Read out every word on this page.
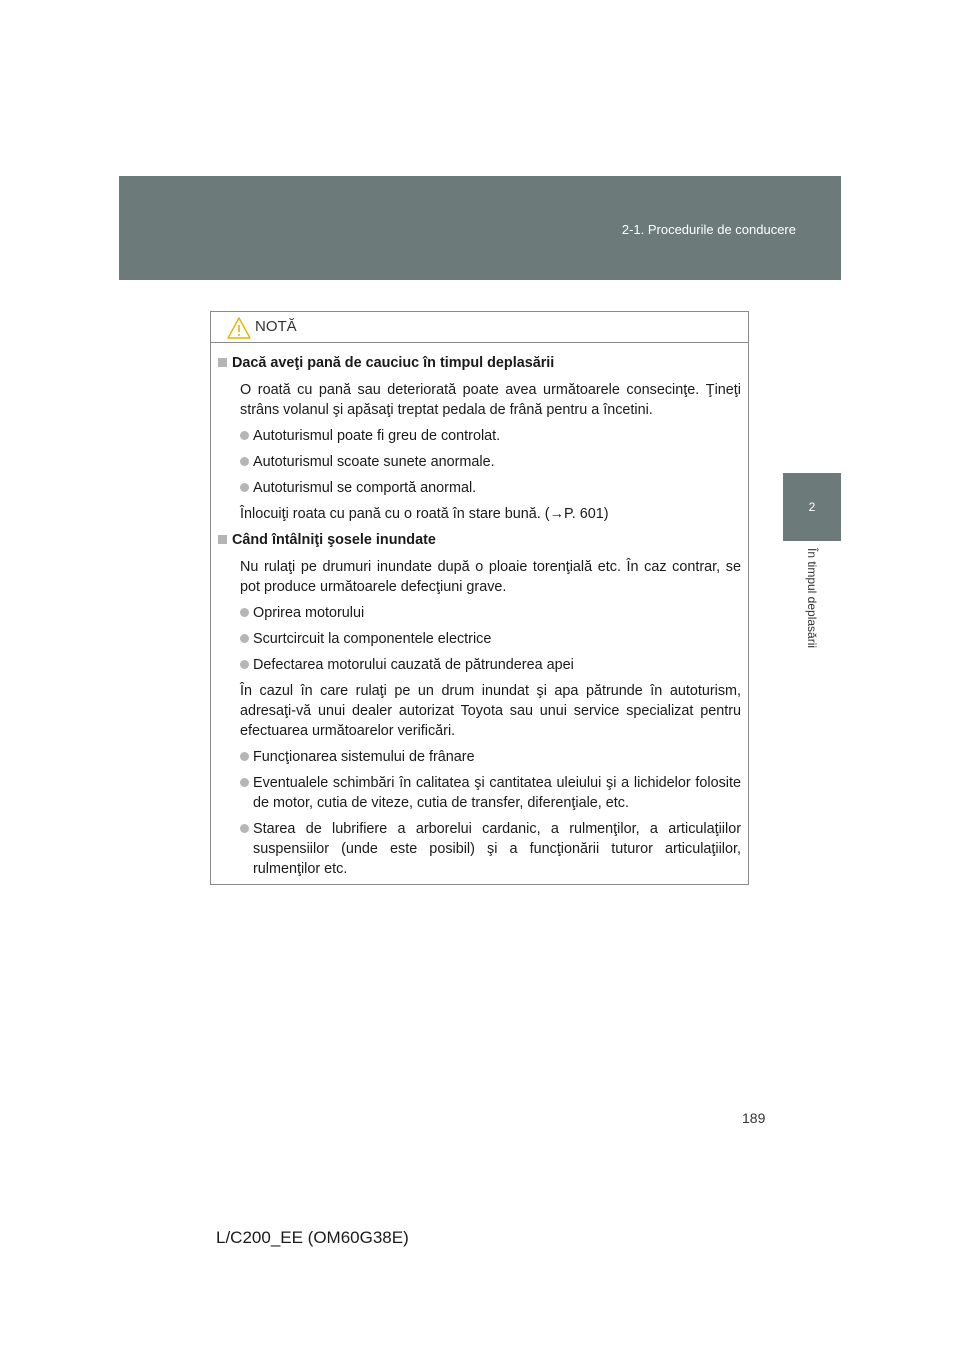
2-1. Procedurile de conducere
2
În timpul deplasării
NOTĂ
Dacă aveţi pană de cauciuc în timpul deplasării
O roată cu pană sau deteriorată poate avea următoarele consecinţe. Ţineţi strâns volanul şi apăsaţi treptat pedala de frână pentru a încetini.
Autoturismul poate fi greu de controlat.
Autoturismul scoate sunete anormale.
Autoturismul se comportă anormal.
Înlocuiţi roata cu pană cu o roată în stare bună. (→P. 601)
Când întâlniţi şosele inundate
Nu rulaţi pe drumuri inundate după o ploaie torenţială etc. În caz contrar, se pot produce următoarele defecţiuni grave.
Oprirea motorului
Scurtcircuit la componentele electrice
Defectarea motorului cauzată de pătrunderea apei
În cazul în care rulaţi pe un drum inundat şi apa pătrunde în autoturism, adresaţi-vă unui dealer autorizat Toyota sau unui service specializat pentru efectuarea următoarelor verificări.
Funcţionarea sistemului de frânare
Eventualele schimbări în calitatea şi cantitatea uleiului şi a lichidelor folosite de motor, cutia de viteze, cutia de transfer, diferenţiale, etc.
Starea de lubrifiere a arborelui cardanic, a rulmenţilor, a articulaţiilor suspensiilor (unde este posibil) şi a funcţionării tuturor articulaţiilor, rulmenţilor etc.
189
L/C200_EE (OM60G38E)
